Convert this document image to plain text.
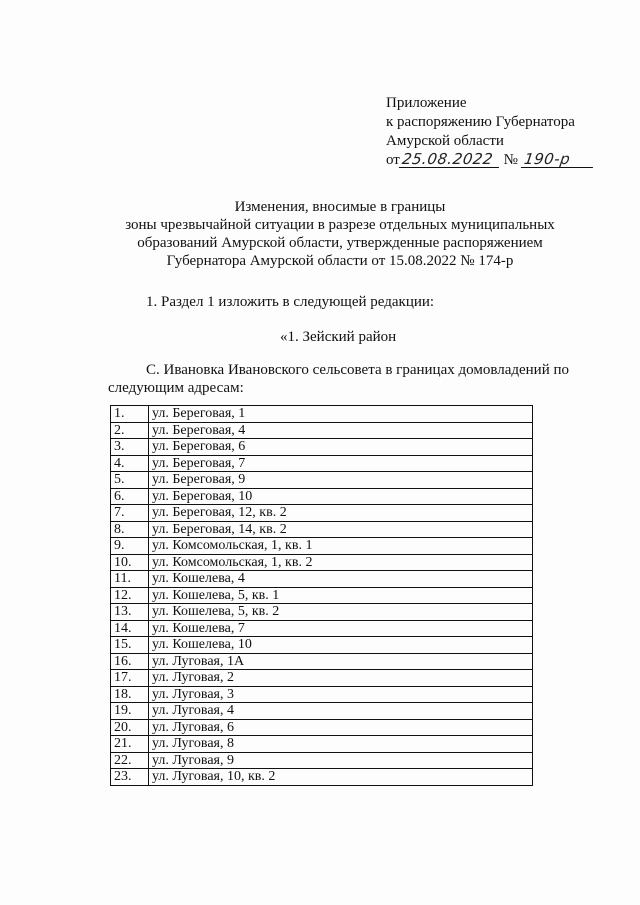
Приложение
к распоряжению Губернатора
Амурской области
от25.08.2022 № 190-р
Изменения, вносимые в границы
зоны чрезвычайной ситуации в разрезе отдельных муниципальных
образований Амурской области, утвержденные распоряжением
Губернатора Амурской области от 15.08.2022 № 174-р
1. Раздел 1 изложить в следующей редакции:
«1. Зейский район
С. Ивановка Ивановского сельсовета в границах домовладений по следующим адресам:
1.	ул. Береговая, 1
2.	ул. Береговая, 4
3.	ул. Береговая, 6
4.	ул. Береговая, 7
5.	ул. Береговая, 9
6.	ул. Береговая, 10
7.	ул. Береговая, 12, кв. 2
8.	ул. Береговая, 14, кв. 2
9.	ул. Комсомольская, 1, кв. 1
10.	ул. Комсомольская, 1, кв. 2
11.	ул. Кошелева, 4
12.	ул. Кошелева, 5, кв. 1
13.	ул. Кошелева, 5, кв. 2
14.	ул. Кошелева, 7
15.	ул. Кошелева, 10
16.	ул. Луговая, 1А
17.	ул. Луговая, 2
18.	ул. Луговая, 3
19.	ул. Луговая, 4
20.	ул. Луговая, 6
21.	ул. Луговая, 8
22.	ул. Луговая, 9
23.	ул. Луговая, 10, кв. 2
